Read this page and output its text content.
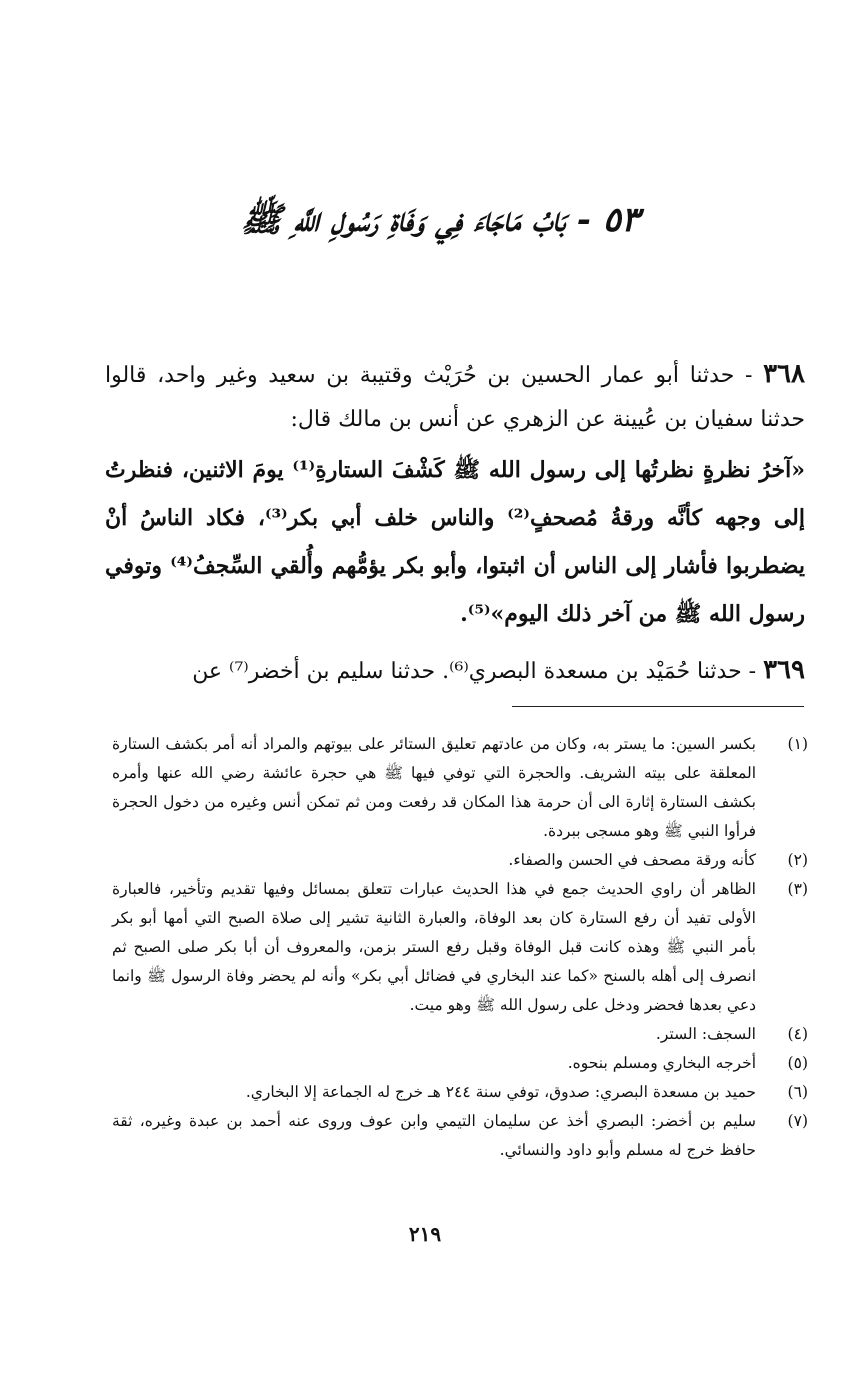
٥٣ - بَابُ مَاجَاءَ فِي وَفَاةِ رَسُولِ اللَّهِ ﷺ

٣٦٨ - حدثنا أبو عمار الحسين بن حُرَيْث وقتيبة بن سعيد وغير واحد، قالوا حدثنا سفيان بن عُيينة عن الزهري عن أنس بن مالك قال:

«آخرُ نظرةٍ نظرتُها إلى رسول الله ﷺ كَشْفَ الستارةِ⁽¹⁾ يومَ الاثنين، فنظرتُ إلى وجهه كأنَّه ورقةُ مُصحفٍ⁽²⁾ والناس خلف أبي بكر⁽³⁾، فكاد الناسُ أنْ يضطربوا فأشار إلى الناس أن اثبتوا، وأبو بكر يؤمُّهم وأُلقي السِّجفُ⁽⁴⁾ وتوفي رسول الله ﷺ من آخر ذلك اليوم»⁽⁵⁾.

٣٦٩ - حدثنا حُمَيْد بن مسعدة البصري⁽⁶⁾. حدثنا سليم بن أخضر⁽⁷⁾ عن

(١)
بكسر السين: ما يستر به، وكان من عادتهم تعليق الستائر على بيوتهم والمراد أنه أمر بكشف الستارة المعلقة على بيته الشريف. والحجرة التي توفي فيها ﷺ هي حجرة عائشة رضي الله عنها وأمره بكشف الستارة إثارة الى أن حرمة هذا المكان قد رفعت ومن ثم تمكن أنس وغيره من دخول الحجرة فرأوا النبي ﷺ وهو مسجى ببردة.
(٢)
كأنه ورقة مصحف في الحسن والصفاء.
(٣)
الظاهر أن راوي الحديث جمع في هذا الحديث عبارات تتعلق بمسائل وفيها تقديم وتأخير، فالعبارة الأولى تفيد أن رفع الستارة كان بعد الوفاة، والعبارة الثانية تشير إلى صلاة الصبح التي أمها أبو بكر بأمر النبي ﷺ وهذه كانت قبل الوفاة وقبل رفع الستر بزمن، والمعروف أن أبا بكر صلى الصبح ثم انصرف إلى أهله بالسنح «كما عند البخاري في فضائل أبي بكر» وأنه لم يحضر وفاة الرسول ﷺ وانما دعي بعدها فحضر ودخل على رسول الله ﷺ وهو ميت.
(٤)
السجف: الستر.
(٥)
أخرجه البخاري ومسلم بنحوه.
(٦)
حميد بن مسعدة البصري: صدوق، توفي سنة ٢٤٤ هـ خرج له الجماعة إلا البخاري.
(٧)
سليم بن أخضر: البصري أخذ عن سليمان التيمي وابن عوف وروى عنه أحمد بن عبدة وغيره، ثقة حافظ خرج له مسلم وأبو داود والنسائي.
٢١٩
